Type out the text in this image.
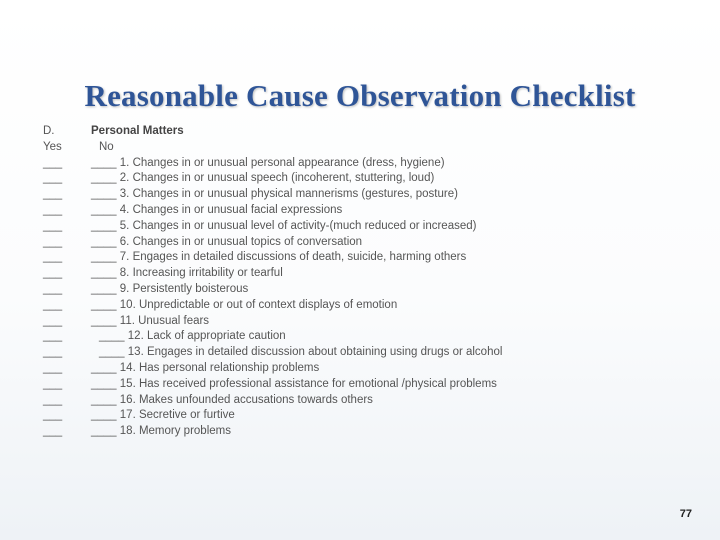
Reasonable Cause Observation Checklist
D.	Personal Matters
Yes	No
___	____ 1. Changes in or unusual personal appearance (dress, hygiene)
___	____ 2. Changes in or unusual speech (incoherent, stuttering, loud)
___	____ 3. Changes in or unusual physical mannerisms (gestures, posture)
___	____ 4. Changes in or unusual facial expressions
___	____ 5. Changes in or unusual level of activity-(much reduced or increased)
___	____ 6. Changes in or unusual topics of conversation
___	____ 7. Engages in detailed discussions of death, suicide, harming others
___	____ 8. Increasing irritability or tearful
___	____ 9. Persistently boisterous
___	____ 10. Unpredictable or out of context displays of emotion
___	____ 11. Unusual fears
___	____ 12. Lack of appropriate caution
___	____ 13. Engages in detailed discussion about obtaining using drugs or alcohol
___	____ 14. Has personal relationship problems
___	____ 15. Has received professional assistance for emotional /physical problems
___	____ 16. Makes unfounded accusations towards others
___	____ 17. Secretive or furtive
___	____ 18. Memory problems
77
